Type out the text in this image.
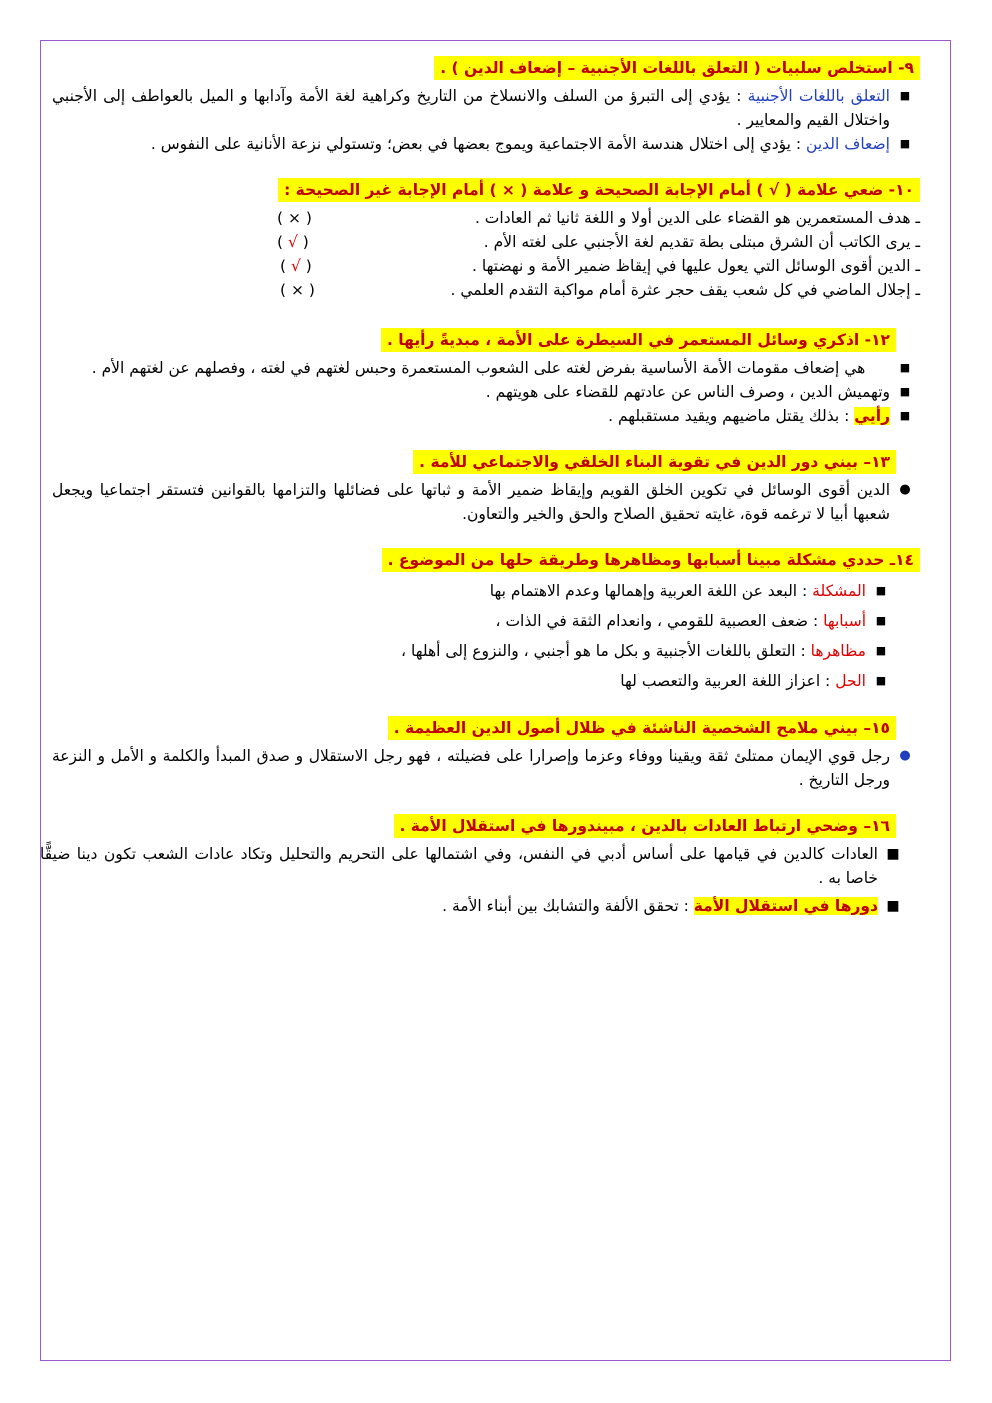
٩- استخلص سلبيات ( التعلق باللغات الأجنبية – إضعاف الدين ) .
■
التعلق باللغات الأجنبية : يؤدي إلى التبرؤ من السلف والانسلاخ من التاريخ وكراهية لغة الأمة وآدابها و الميل بالعواطف إلى الأجنبي واختلال القيم والمعايير .
■
إضعاف الدين : يؤدي إلى اختلال هندسة الأمة الاجتماعية ويموج بعضها في بعض؛ وتستولي نزعة الأنانية على النفوس .
١٠- ضعي علامة ( √ ) أمام الإجابة الصحيحة و علامة ( × ) أمام الإجابة غير الصحيحة :
ـ هدف المستعمرين هو القضاء على الدين أولا و اللغة ثانيا ثم العادات .
( × )
ـ يرى الكاتب أن الشرق مبتلى بطة تقديم لغة الأجنبي على لغته الأم .
( √ )
ـ الدين أقوى الوسائل التي يعول عليها في إيقاظ ضمير الأمة و نهضتها .
( √ )
ـ إجلال الماضي في كل شعب يقف حجر عثرة أمام مواكبة التقدم العلمي .
( × )
١٢- اذكري وسائل المستعمر في السيطرة على الأمة ، مبديةً رأيها .
■
هي إضعاف مقومات الأمة الأساسية بفرض لغته على الشعوب المستعمرة وحبس لغتهم في لغته ، وفصلهم عن لغتهم الأم .
■
وتهميش الدين ، وصرف الناس عن عادتهم للقضاء على هويتهم .
■
رأيي : بذلك يقتل ماضيهم ويقيد مستقبلهم .
١٣– بيني دور الدين في تقوية البناء الخلقي والاجتماعي للأمة .
●
الدين أقوى الوسائل في تكوين الخلق القويم وإيقاظ ضمير الأمة و ثباتها على فضائلها والتزامها بالقوانين فتستقر اجتماعيا ويجعل شعبها أبيا لا ترغمه قوة، غايته تحقيق الصلاح والحق والخير والتعاون.
١٤ـ حددي مشكلة مبينا أسبابها ومظاهرها وطريقة حلها من الموضوع .
■
المشكلة : البعد عن اللغة العربية وإهمالها وعدم الاهتمام بها
■
أسبابها : ضعف العصبية للقومي ، وانعدام الثقة في الذات ،
■
مظاهرها : التعلق باللغات الأجنبية و بكل ما هو أجنبي ، والنزوع إلى أهلها ،
■
الحل : اعزاز اللغة العربية والتعصب لها
١٥– بيني ملامح الشخصية الناشئة في ظلال أصول الدين العظيمة .
●
رجل قوي الإيمان ممتلئ ثقة ويقينا ووفاء وعزما وإصرارا على فضيلته ، فهو رجل الاستقلال و صدق المبدأ والكلمة و الأمل و النزعة ورجل التاريخ .
١٦– وضحي ارتباط العادات بالدين ، مبيندورها في استقلال الأمة .
■
العادات كالدين في قيامها على أساس أدبي في النفس، وفي اشتمالها على التحريم والتحليل وتكاد عادات الشعب تكون دينا ضيقًّا خاصا به .
■
دورها في استقلال الأمة : تحقق الألفة والتشابك بين أبناء الأمة .
